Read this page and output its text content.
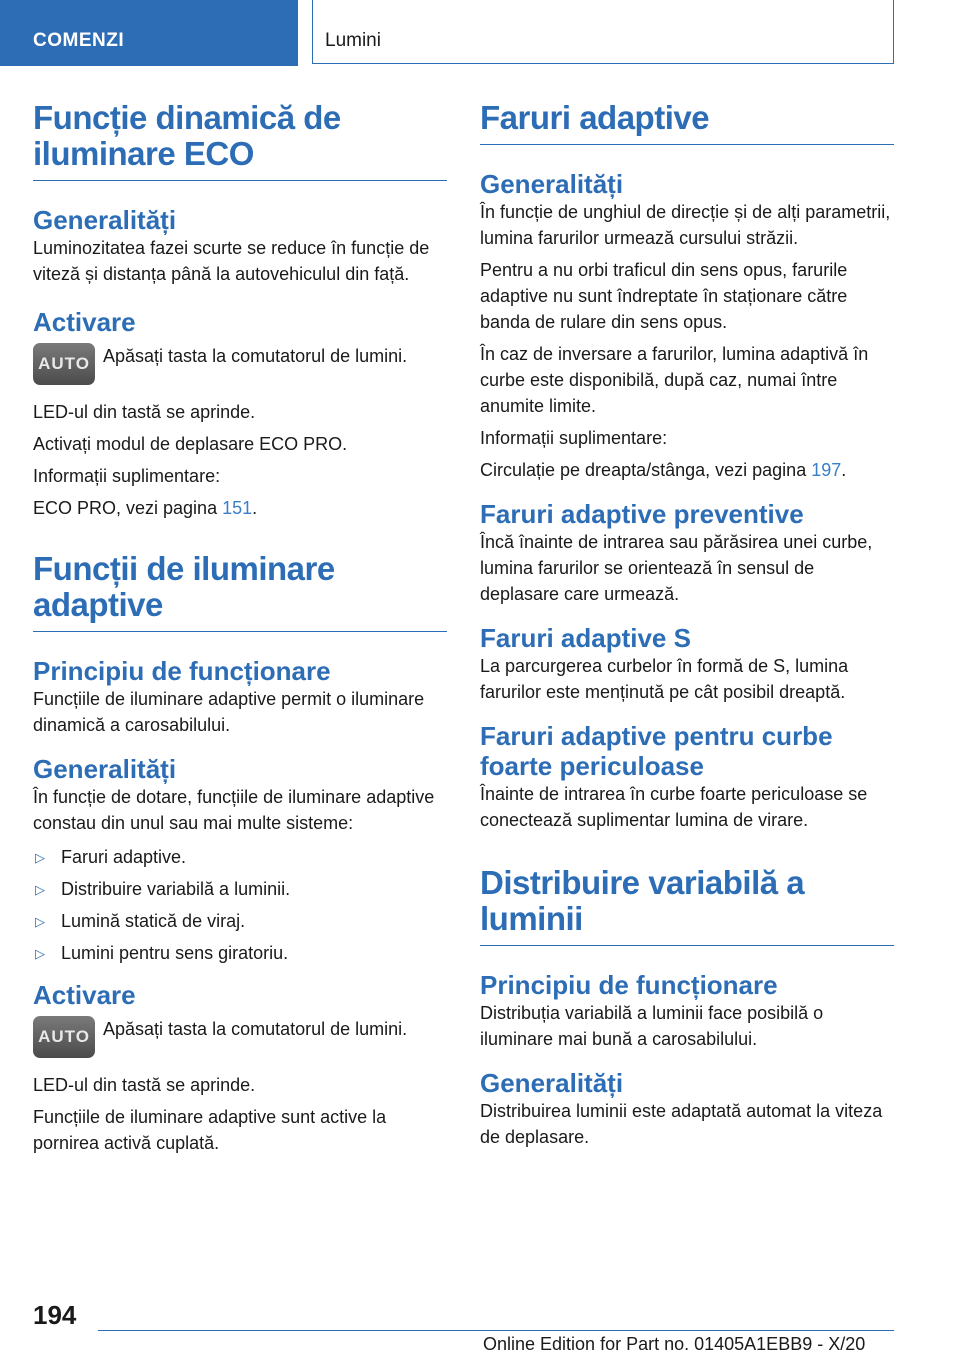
COMENZI	Lumini
Funcție dinamică de iluminare ECO
Generalități

Luminozitatea fazei scurte se reduce în funcție de viteză și distanța până la autovehiculul din față.

Activare
AUTO Apăsați tasta la comutatorul de lumini.

LED-ul din tastă se aprinde.

Activați modul de deplasare ECO PRO.

Informații suplimentare:

ECO PRO, vezi pagina 151.

Funcții de iluminare adaptive
Principiu de funcționare

Funcțiile de iluminare adaptive permit o iluminare dinamică a carosabilului.

Generalități

În funcție de dotare, funcțiile de iluminare adaptive constau din unul sau mai multe sisteme:

▷ Faruri adaptive.
▷ Distribuire variabilă a luminii.
▷ Lumină statică de viraj.
▷ Lumini pentru sens giratoriu.
Activare
AUTO Apăsați tasta la comutatorul de lumini.

LED-ul din tastă se aprinde.

Funcțiile de iluminare adaptive sunt active la pornirea activă cuplată.

Faruri adaptive
Generalități

În funcție de unghiul de direcție și de alți parametrii, lumina farurilor urmează cursului străzii.

Pentru a nu orbi traficul din sens opus, farurile adaptive nu sunt îndreptate în staționare către banda de rulare din sens opus.

În caz de inversare a farurilor, lumina adaptivă în curbe este disponibilă, după caz, numai între anumite limite.

Informații suplimentare:

Circulație pe dreapta/stânga, vezi pagina 197.

Faruri adaptive preventive

Încă înainte de intrarea sau părăsirea unei curbe, lumina farurilor se orientează în sensul de deplasare care urmează.

Faruri adaptive S

La parcurgerea curbelor în formă de S, lumina farurilor este menținută pe cât posibil dreaptă.

Faruri adaptive pentru curbe foarte periculoase

Înainte de intrarea în curbe foarte periculoase se conectează suplimentar lumina de virare.

Distribuire variabilă a luminii
Principiu de funcționare

Distribuția variabilă a luminii face posibilă o iluminare mai bună a carosabilului.

Generalități

Distribuirea luminii este adaptată automat la viteza de deplasare.

194
Online Edition for Part no. 01405A1EBB9 - X/20
